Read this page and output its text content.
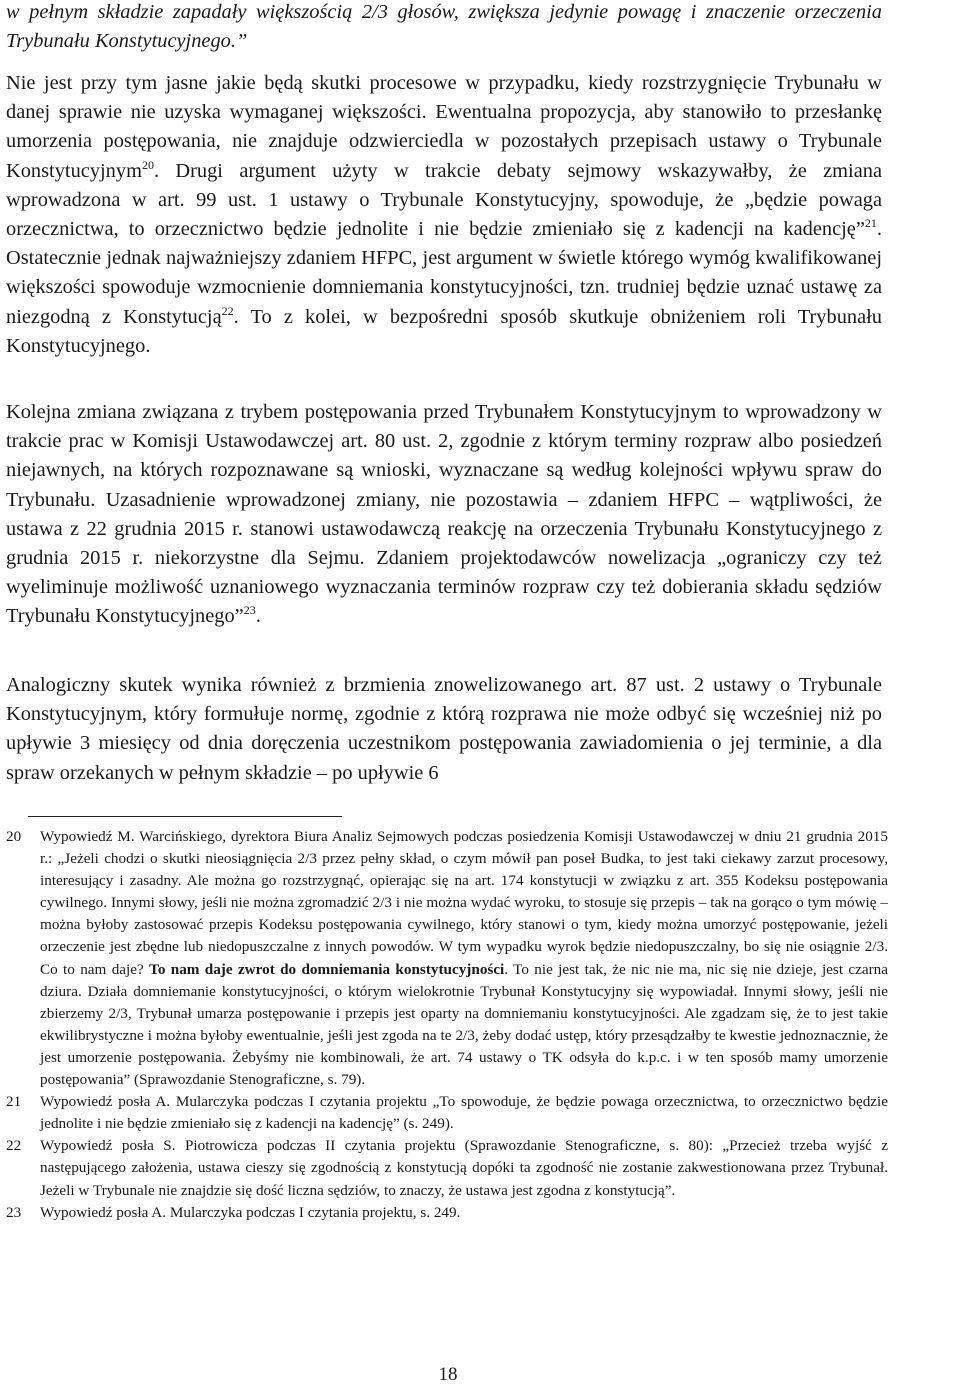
w pełnym składzie zapadały większością 2/3 głosów, zwiększa jedynie powagę i znaczenie orzeczenia Trybunału Konstytucyjnego.”

Nie jest przy tym jasne jakie będą skutki procesowe w przypadku, kiedy rozstrzygnięcie Trybunału w danej sprawie nie uzyska wymaganej większości. Ewentualna propozycja, aby stanowiło to przesłankę umorzenia postępowania, nie znajduje odzwierciedla w pozostałych przepisach ustawy o Trybunale Konstytucyjnym$^{20}$. Drugi argument użyty w trakcie debaty sejmowy wskazywałby, że zmiana wprowadzona w art. 99 ust. 1 ustawy o Trybunale Konstytucyjny, spowoduje, że „będzie powaga orzecznictwa, to orzecznictwo będzie jednolite i nie będzie zmieniało się z kadencji na kadencję”$^{21}$. Ostatecznie jednak najważniejszy zdaniem HFPC, jest argument w świetle którego wymóg kwalifikowanej większości spowoduje wzmocnienie domniemania konstytucyjności, tzn. trudniej będzie uznać ustawę za niezgodną z Konstytucją$^{22}$. To z kolei, w bezpośredni sposób skutkuje obniżeniem roli Trybunału Konstytucyjnego.

Kolejna zmiana związana z trybem postępowania przed Trybunałem Konstytucyjnym to wprowadzony w trakcie prac w Komisji Ustawodawczej art. 80 ust. 2, zgodnie z którym terminy rozpraw albo posiedzeń niejawnych, na których rozpoznawane są wnioski, wyznaczane są według kolejności wpływu spraw do Trybunału. Uzasadnienie wprowadzonej zmiany, nie pozostawia – zdaniem HFPC – wątpliwości, że ustawa z 22 grudnia 2015 r. stanowi ustawodawczą reakcję na orzeczenia Trybunału Konstytucyjnego z grudnia 2015 r. niekorzystne dla Sejmu. Zdaniem projektodawców nowelizacja „ograniczy czy też wyeliminuje możliwość uznaniowego wyznaczania terminów rozpraw czy też dobierania składu sędziów Trybunału Konstytucyjnego”$^{23}$.

Analogiczny skutek wynika również z brzmienia znowelizowanego art. 87 ust. 2 ustawy o Trybunale Konstytucyjnym, który formułuje normę, zgodnie z którą rozprawa nie może odbyć się wcześniej niż po upływie 3 miesięcy od dnia doręczenia uczestnikom postępowania zawiadomienia o jej terminie, a dla spraw orzekanych w pełnym składzie – po upływie 6

20	Wypowiedź M. Warcińskiego, dyrektora Biura Analiz Sejmowych podczas posiedzenia Komisji Ustawodawczej w dniu 21 grudnia 2015 r.: „Jeżeli chodzi o skutki nieosiągnięcia 2/3 przez pełny skład, o czym mówił pan poseł Budka, to jest taki ciekawy zarzut procesowy, interesujący i zasadny. Ale można go rozstrzygnąć, opierając się na art. 174 konstytucji w związku z art. 355 Kodeksu postępowania cywilnego. Innymi słowy, jeśli nie można zgromadzić 2/3 i nie można wydać wyroku, to stosuje się przepis – tak na gorąco o tym mówię – można byłoby zastosować przepis Kodeksu postępowania cywilnego, który stanowi o tym, kiedy można umorzyć postępowanie, jeżeli orzeczenie jest zbędne lub niedopuszczalne z innych powodów. W tym wypadku wyrok będzie niedopuszczalny, bo się nie osiągnie 2/3. Co to nam daje? To nam daje zwrot do domniemania konstytucyjności. To nie jest tak, że nic nie ma, nic się nie dzieje, jest czarna dziura. Działa domniemanie konstytucyjności, o którym wielokrotnie Trybunał Konstytucyjny się wypowiadał. Innymi słowy, jeśli nie zbierzemy 2/3, Trybunał umarza postępowanie i przepis jest oparty na domniemaniu konstytucyjności. Ale zgadzam się, że to jest takie ekwilibrystyczne i można byłoby ewentualnie, jeśli jest zgoda na te 2/3, żeby dodać ustęp, który przesądzałby te kwestie jednoznacznie, że jest umorzenie postępowania. Żebyśmy nie kombinowali, że art. 74 ustawy o TK odsyła do k.p.c. i w ten sposób mamy umorzenie postępowania” (Sprawozdanie Stenograficzne, s. 79).
21	Wypowiedź posła A. Mularczyka podczas I czytania projektu „To spowoduje, że będzie powaga orzecznictwa, to orzecznictwo będzie jednolite i nie będzie zmieniało się z kadencji na kadencję” (s. 249).
22	Wypowiedź posła S. Piotrowicza podczas II czytania projektu (Sprawozdanie Stenograficzne, s. 80): „Przecież trzeba wyjść z następującego założenia, ustawa cieszy się zgodnością z konstytucją dopóki ta zgodność nie zostanie zakwestionowana przez Trybunał. Jeżeli w Trybunale nie znajdzie się dość liczna sędziów, to znaczy, że ustawa jest zgodna z konstytucją”.
23	Wypowiedź posła A. Mularczyka podczas I czytania projektu, s. 249.
18
